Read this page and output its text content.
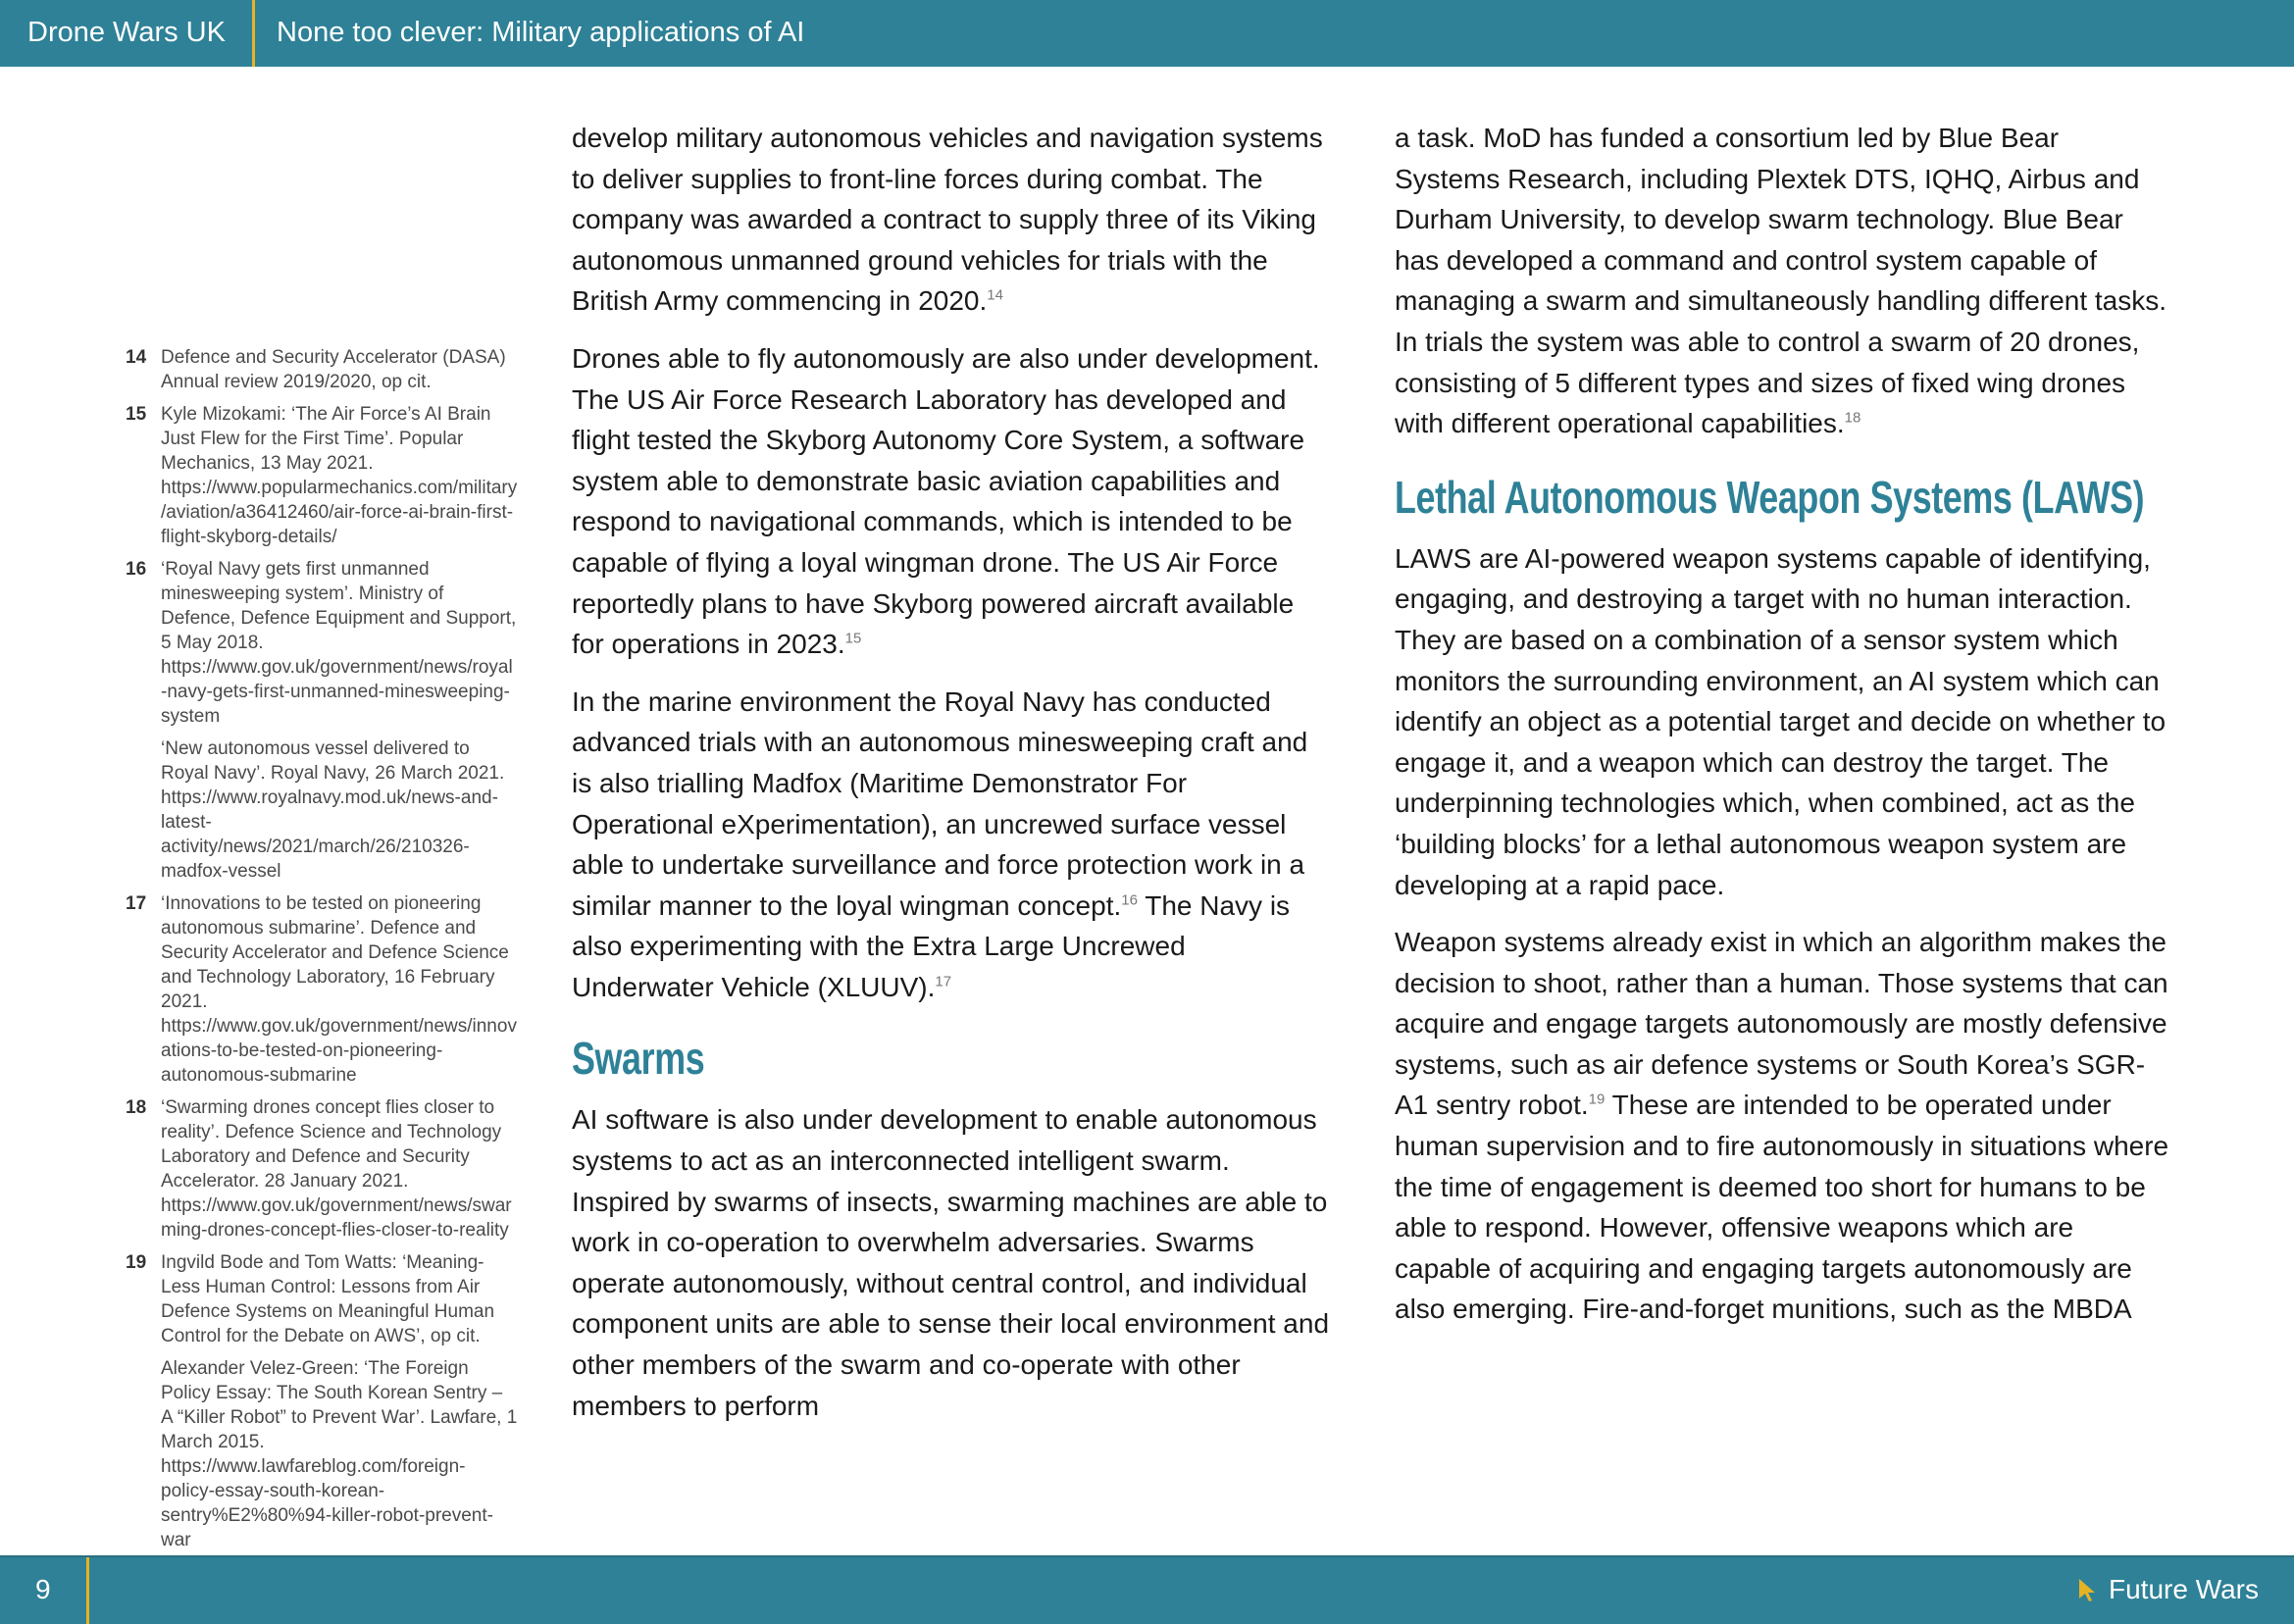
Drone Wars UK None too clever: Military applications of AI
14 Defence and Security Accelerator (DASA) Annual review 2019/2020, op cit.
15 Kyle Mizokami: ‘The Air Force’s AI Brain Just Flew for the First Time’. Popular Mechanics, 13 May 2021. https://www.popularmechanics.com/military/aviation/a36412460/air-force-ai-brain-first-flight-skyborg-details/
16 ‘Royal Navy gets first unmanned minesweeping system’. Ministry of Defence, Defence Equipment and Support, 5 May 2018. https://www.gov.uk/government/news/royal-navy-gets-first-unmanned-minesweeping-system
‘New autonomous vessel delivered to Royal Navy’. Royal Navy, 26 March 2021. https://www.royalnavy.mod.uk/news-and-latest-activity/news/2021/march/26/210326-madfox-vessel
17 ‘Innovations to be tested on pioneering autonomous submarine’. Defence and Security Accelerator and Defence Science and Technology Laboratory, 16 February 2021. https://www.gov.uk/government/news/innovations-to-be-tested-on-pioneering-autonomous-submarine
18 ‘Swarming drones concept flies closer to reality’. Defence Science and Technology Laboratory and Defence and Security Accelerator. 28 January 2021. https://www.gov.uk/government/news/swarming-drones-concept-flies-closer-to-reality
19 Ingvild Bode and Tom Watts: ‘Meaning-Less Human Control: Lessons from Air Defence Systems on Meaningful Human Control for the Debate on AWS’, op cit.
Alexander Velez-Green: ‘The Foreign Policy Essay: The South Korean Sentry – A “Killer Robot” to Prevent War’. Lawfare, 1 March 2015. https://www.lawfareblog.com/foreign-policy-essay-south-korean-sentry%E2%80%94-killer-robot-prevent-war

develop military autonomous vehicles and navigation systems to deliver supplies to front-line forces during combat. The company was awarded a contract to supply three of its Viking autonomous unmanned ground vehicles for trials with the British Army commencing in 2020.14

Drones able to fly autonomously are also under development. The US Air Force Research Laboratory has developed and flight tested the Skyborg Autonomy Core System, a software system able to demonstrate basic aviation capabilities and respond to navigational commands, which is intended to be capable of flying a loyal wingman drone. The US Air Force reportedly plans to have Skyborg powered aircraft available for operations in 2023.15

In the marine environment the Royal Navy has conducted advanced trials with an autonomous minesweeping craft and is also trialling Madfox (Maritime Demonstrator For Operational eXperimentation), an uncrewed surface vessel able to undertake surveillance and force protection work in a similar manner to the loyal wingman concept.$^{16}$ The Navy is also experimenting with the Extra Large Uncrewed Underwater Vehicle (XLUUV).$^{17}$

Swarms

AI software is also under development to enable autonomous systems to act as an interconnected intelligent swarm. Inspired by swarms of insects, swarming machines are able to work in co-operation to overwhelm adversaries. Swarms operate autonomously, without central control, and individual component units are able to sense their local environment and other members of the swarm and co-operate with other members to perform

a task. MoD has funded a consortium led by Blue Bear Systems Research, including Plextek DTS, IQHQ, Airbus and Durham University, to develop swarm technology. Blue Bear has developed a command and control system capable of managing a swarm and simultaneously handling different tasks. In trials the system was able to control a swarm of 20 drones, consisting of 5 different types and sizes of fixed wing drones with different operational capabilities.$^{18}$

Lethal Autonomous Weapon Systems (LAWS)

LAWS are AI-powered weapon systems capable of identifying, engaging, and destroying a target with no human interaction. They are based on a combination of a sensor system which monitors the surrounding environment, an AI system which can identify an object as a potential target and decide on whether to engage it, and a weapon which can destroy the target. The underpinning technologies which, when combined, act as the ‘building blocks’ for a lethal autonomous weapon system are developing at a rapid pace.

Weapon systems already exist in which an algorithm makes the decision to shoot, rather than a human. Those systems that can acquire and engage targets autonomously are mostly defensive systems, such as air defence systems or South Korea’s SGR-A1 sentry robot.$^{19}$ These are intended to be operated under human supervision and to fire autonomously in situations where the time of engagement is deemed too short for humans to be able to respond. However, offensive weapons which are capable of acquiring and engaging targets autonomously are also emerging. Fire-and-forget munitions, such as the MBDA

9	Future Wars
